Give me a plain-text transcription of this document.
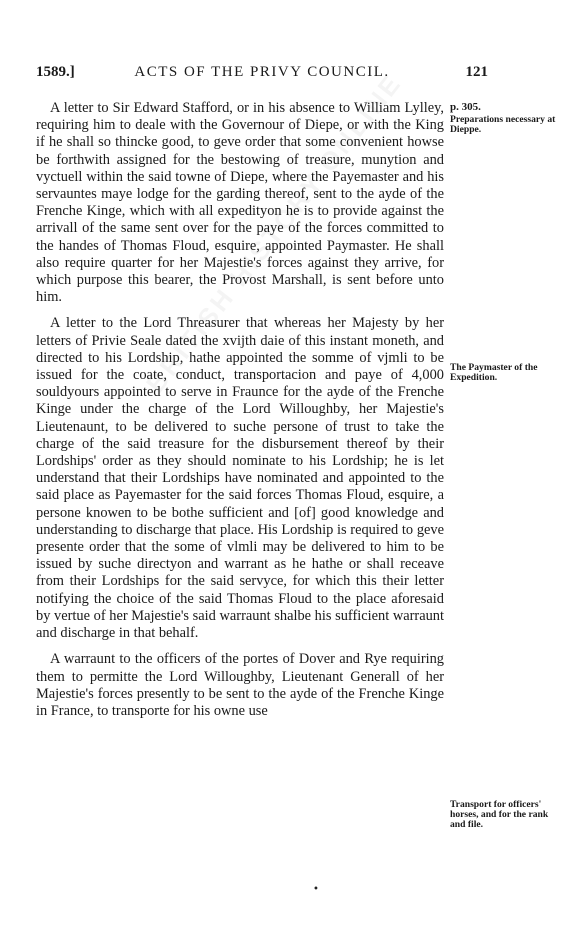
1589.]	ACTS OF THE PRIVY COUNCIL.	121

A letter to Sir Edward Stafford, or in his absence to William Lylley, requiring him to deale with the Governour of Diepe, or with the King if he shall so thincke good, to geve order that some convenient howse be forthwith assigned for the bestowing of treasure, munytion and vyctuell within the said towne of Diepe, where the Payemaster and his servauntes maye lodge for the garding thereof, sent to the ayde of the Frenche Kinge, which with all expedityon he is to provide against the arrivall of the same sent over for the paye of the forces committed to the handes of Thomas Floud, esquire, appointed Paymaster. He shall also require quarter for her Majestie's forces against they arrive, for which purpose this bearer, the Provost Marshall, is sent before unto him.

A letter to the Lord Threasurer that whereas her Majesty by her letters of Privie Seale dated the xvijth daie of this instant moneth, and directed to his Lordship, hathe appointed the somme of vjmli to be issued for the coate, conduct, transportacion and paye of 4,000 souldyours appointed to serve in Fraunce for the ayde of the Frenche Kinge under the charge of the Lord Willoughby, her Majestie's Lieutenaunt, to be delivered to suche persone of trust to take the charge of the said treasure for the disbursement thereof by their Lordships' order as they should nominate to his Lordship; he is let understand that their Lordships have nominated and appointed to the said place as Payemaster for the said forces Thomas Floud, esquire, a persone knowen to be bothe sufficient and [of] good knowledge and understanding to discharge that place. His Lordship is required to geve presente order that the some of vlmli may be delivered to him to be issued by suche directyon and warrant as he hathe or shall receave from their Lordships for the said servyce, for which this their letter notifying the choice of the said Thomas Floud to the place aforesaid by vertue of her Majestie's said warraunt shalbe his sufficient warraunt and discharge in that behalf.

A warraunt to the officers of the portes of Dover and Rye requiring them to permitte the Lord Willoughby, Lieutenant Generall of her Majestie's forces presently to be sent to the ayde of the Frenche Kinge in France, to transporte for his owne use

p. 305.
Preparations necessary at Dieppe.
The Paymaster of the Expedition.
Transport for officers' horses, and for the rank and file.
•
